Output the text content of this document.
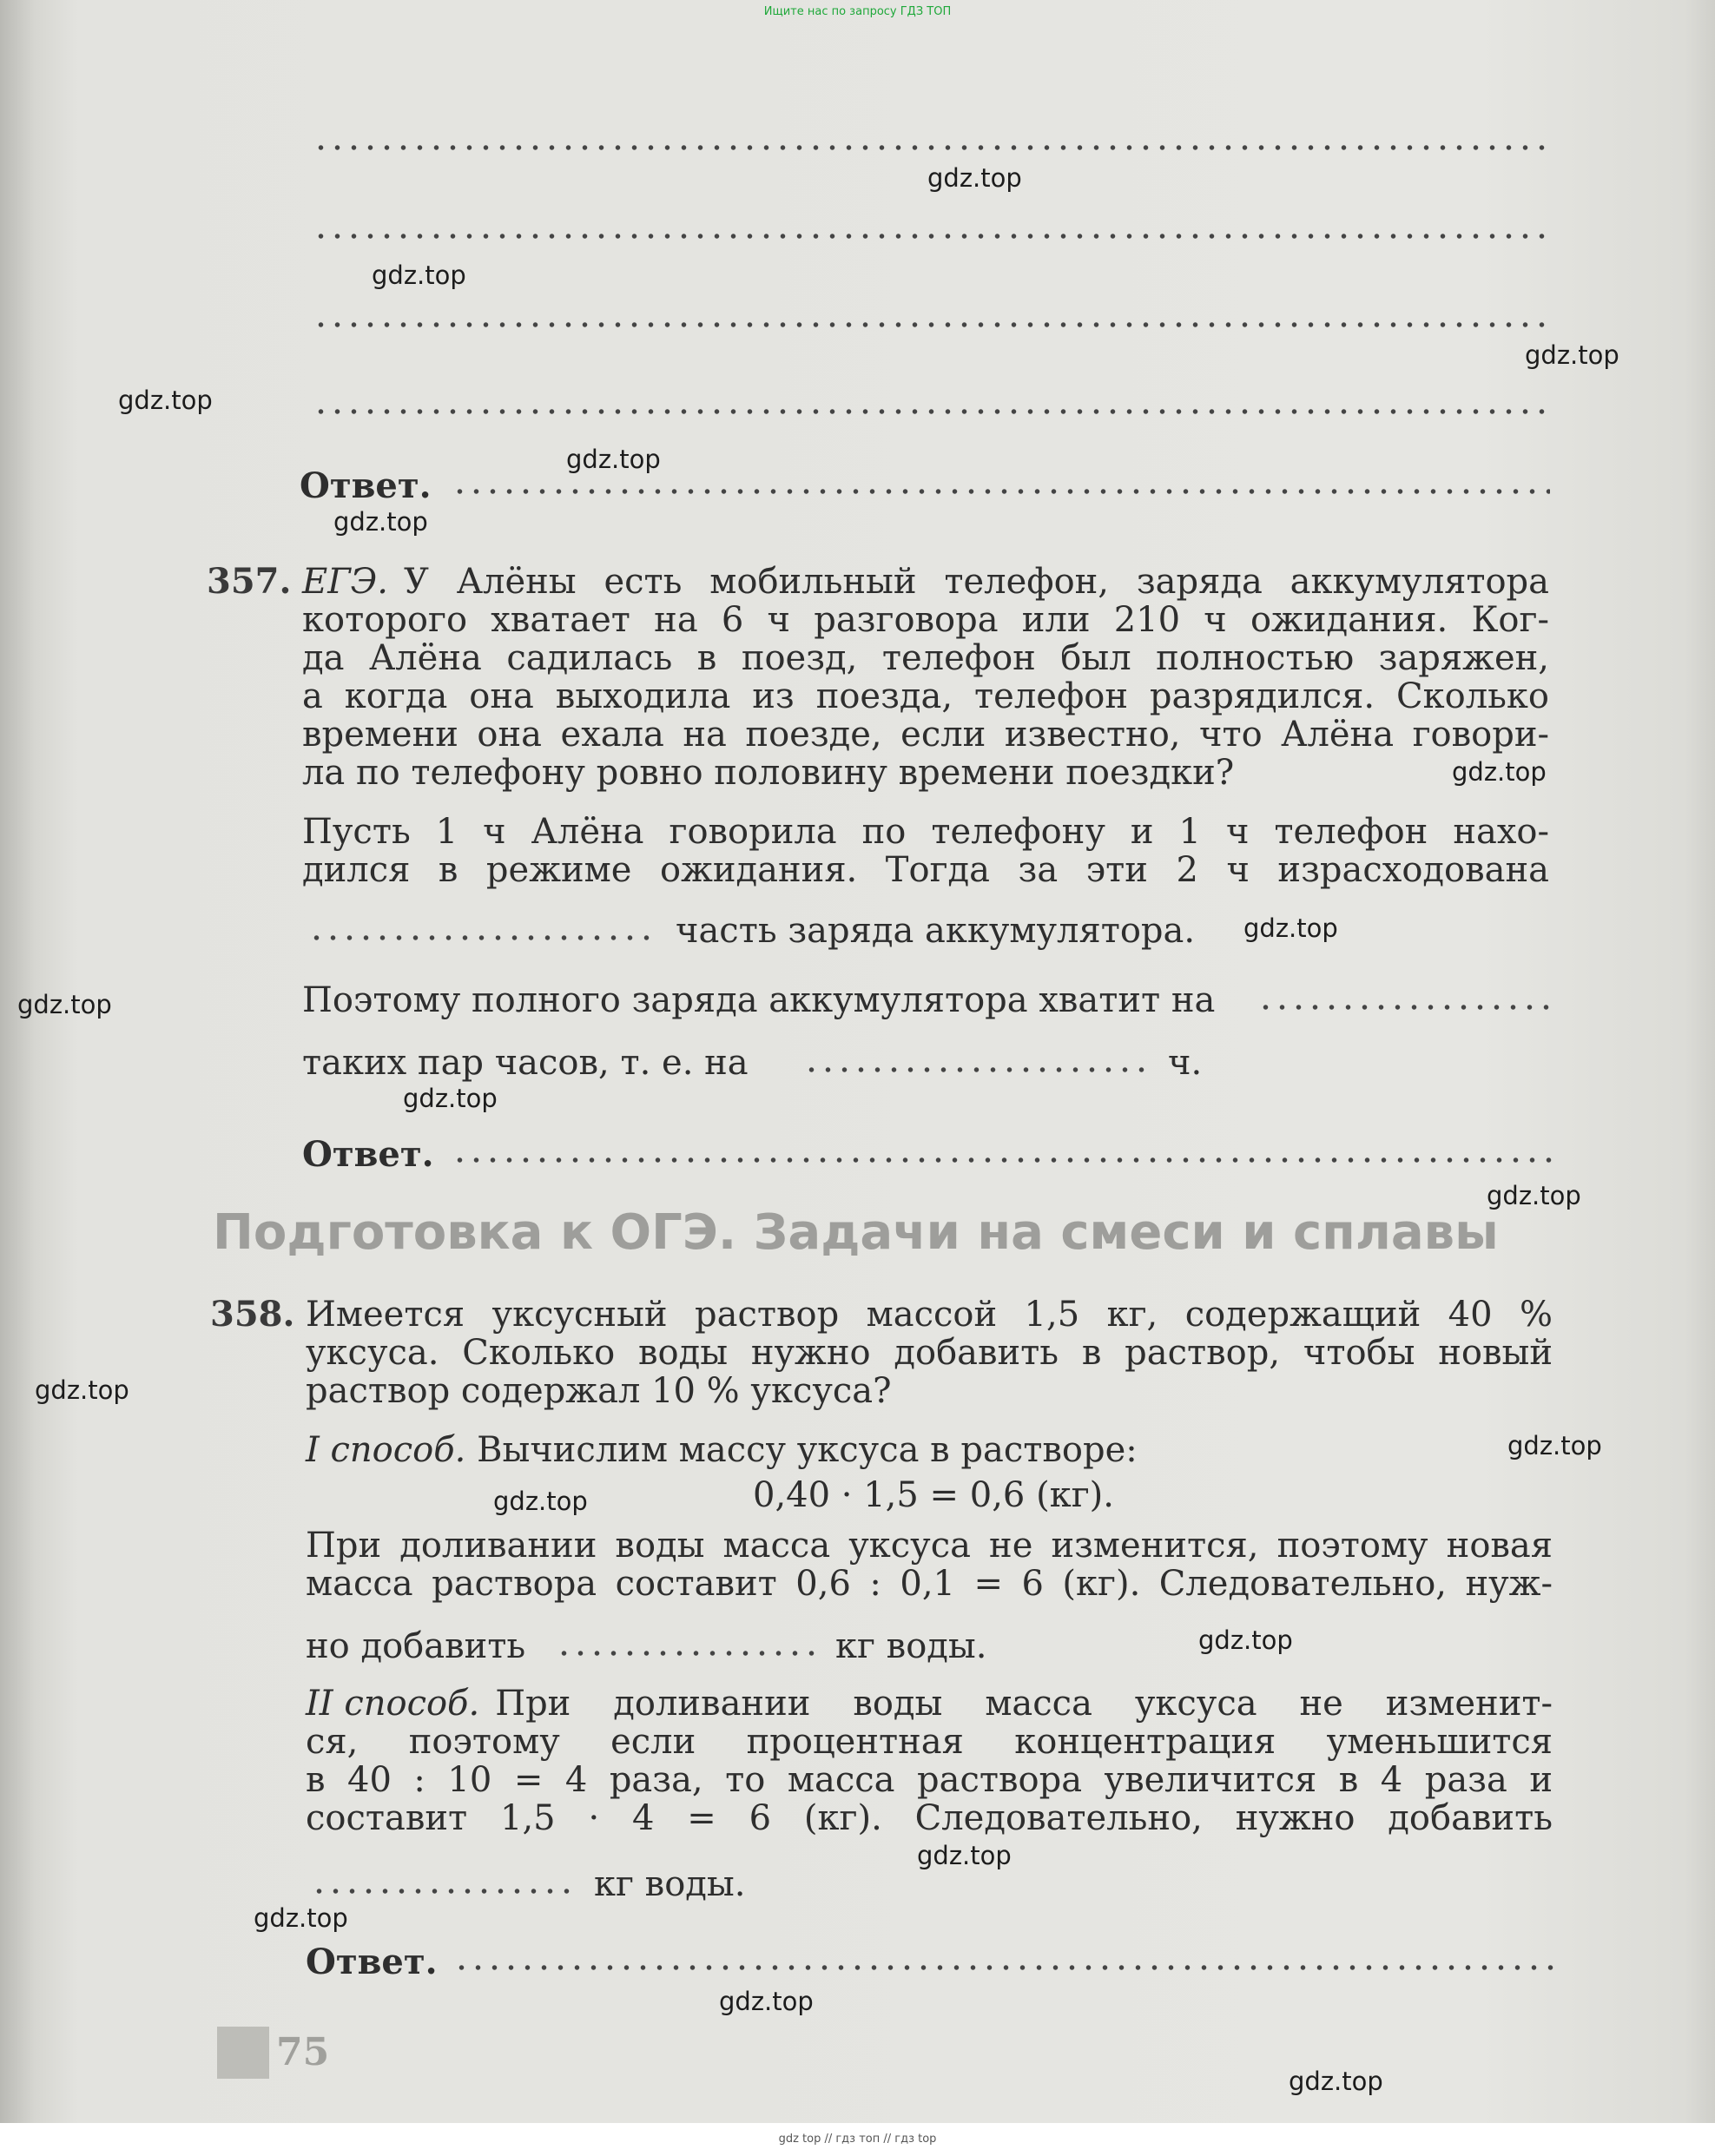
Ответ.
357. ЕГЭ. У Алёны есть мобильный телефон, заряда аккумулятора
которого хватает на 6 ч разговора или 210 ч ожидания. Ког-
да Алёна садилась в поезд, телефон был полностью заряжен,
а когда она выходила из поезда, телефон разрядился. Сколько
времени она ехала на поезде, если известно, что Алёна говори-
ла по телефону ровно половину времени поездки?
Пусть 1 ч Алёна говорила по телефону и 1 ч телефон нахо-
дился в режиме ожидания. Тогда за эти 2 ч израсходована
часть заряда аккумулятора.
Поэтому полного заряда аккумулятора хватит на
таких пар часов, т. е. на	ч.
Ответ.
Подготовка к ОГЭ. Задачи на смеси и сплавы
358. Имеется уксусный раствор массой 1,5 кг, содержащий 40 %
уксуса. Сколько воды нужно добавить в раствор, чтобы новый
раствор содержал 10 % уксуса?
I способ. Вычислим массу уксуса в растворе:
0,40 · 1,5 = 0,6 (кг).
При доливании воды масса уксуса не изменится, поэтому новая
масса раствора составит 0,6 : 0,1 = 6 (кг). Следовательно, нуж-
но добавить	кг воды.
II способ. При доливании воды масса уксуса не изменит-
ся, поэтому если процентная концентрация уменьшится
в 40 : 10 = 4 раза, то масса раствора увеличится в 4 раза и
составит 1,5 · 4 = 6 (кг). Следовательно, нужно добавить
кг воды.
Ответ.
75
gdz.top
gdz.top
gdz.top
gdz.top
gdz.top
gdz.top
gdz.top
gdz.top
gdz.top
gdz.top
gdz.top
gdz.top
gdz.top
gdz.top
gdz.top
gdz.top
gdz.top
gdz.top
gdz.top
Ищите нас по запросу ГДЗ ТОП
gdz top // гдз топ // гдз top
